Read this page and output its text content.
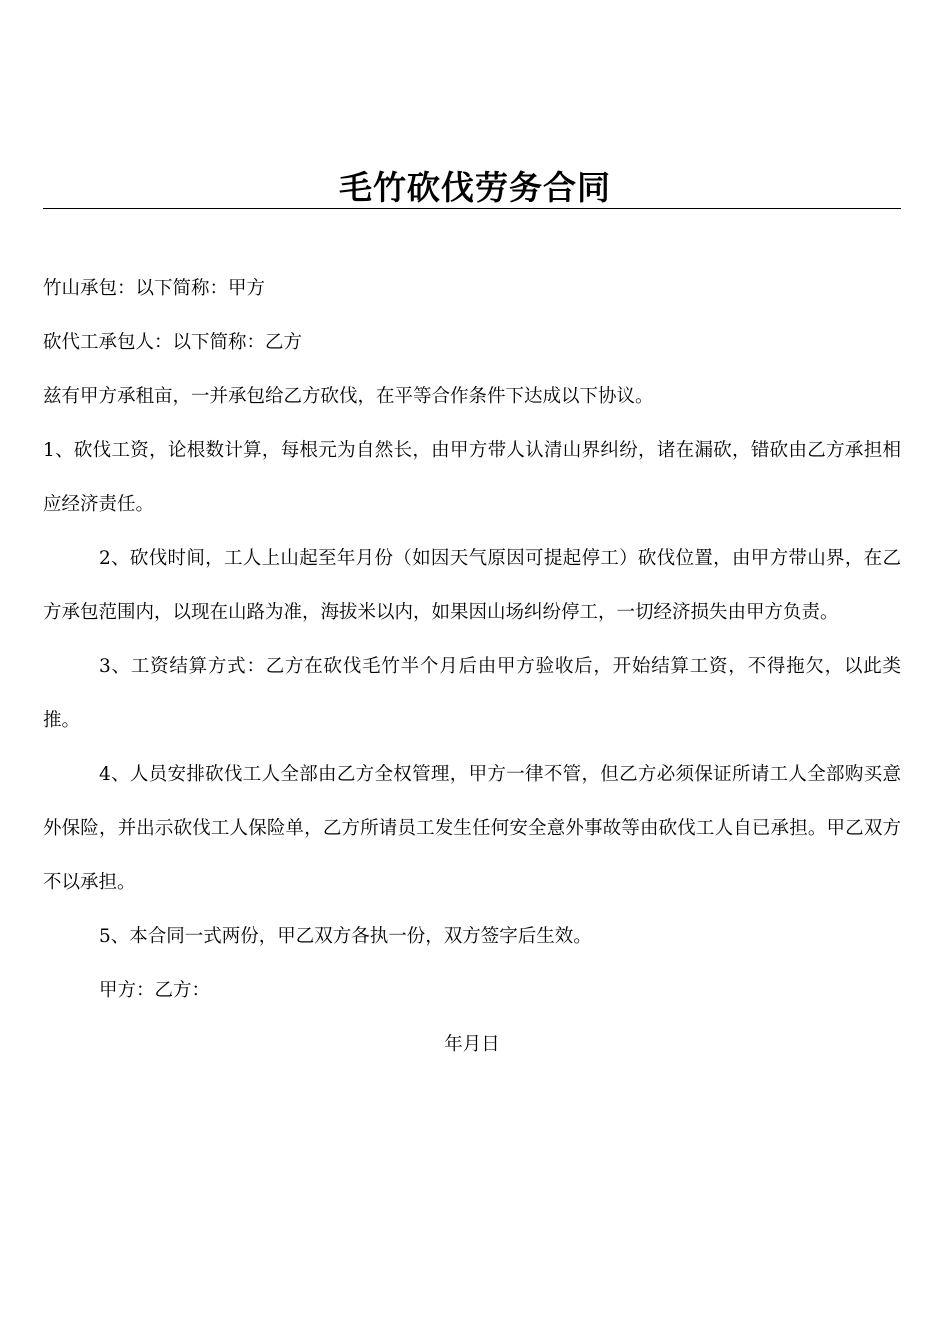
毛竹砍伐劳务合同
竹山承包：以下简称：甲方
砍代工承包人：以下简称：乙方
兹有甲方承租亩，一并承包给乙方砍伐，在平等合作条件下达成以下协议。
1、砍伐工资，论根数计算，每根元为自然长，由甲方带人认清山界纠纷，诸在漏砍，错砍由乙方承担相应经济责任。
2、砍伐时间，工人上山起至年月份（如因天气原因可提起停工）砍伐位置，由甲方带山界，在乙方承包范围内，以现在山路为准，海拔米以内，如果因山场纠纷停工，一切经济损失由甲方负责。
3、工资结算方式：乙方在砍伐毛竹半个月后由甲方验收后，开始结算工资，不得拖欠，以此类推。
4、人员安排砍伐工人全部由乙方全权管理，甲方一律不管，但乙方必须保证所请工人全部购买意外保险，并出示砍伐工人保险单，乙方所请员工发生任何安全意外事故等由砍伐工人自已承担。甲乙双方不以承担。
5、本合同一式两份，甲乙双方各执一份，双方签字后生效。
甲方：乙方：
年月日
